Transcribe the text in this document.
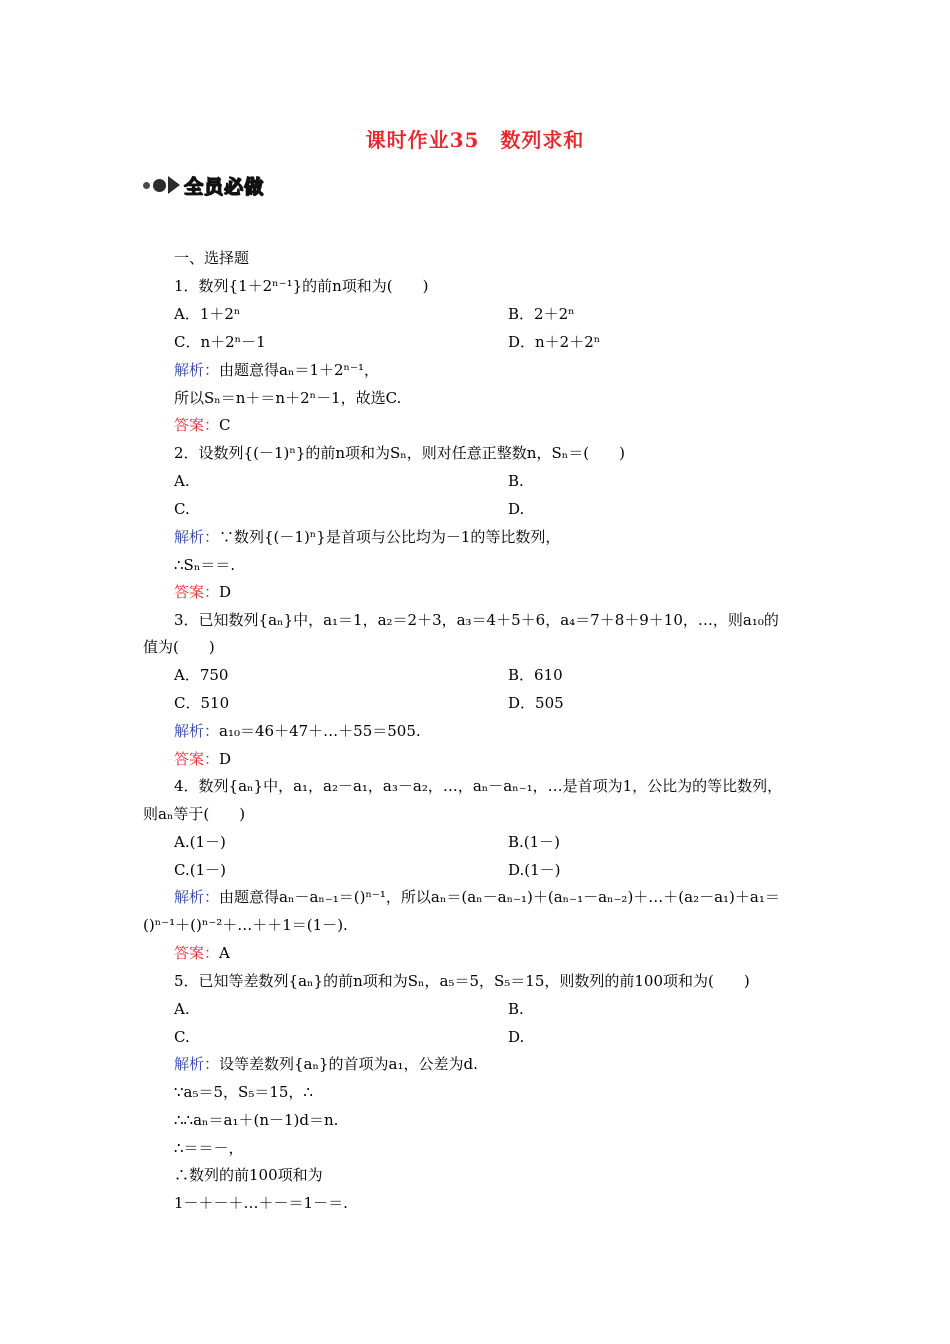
课时作业35　数列求和
全员必做
一、选择题
1．数列{1＋2ⁿ⁻¹}的前n项和为(　　)
A．1＋2ⁿ	B．2＋2ⁿ
C．n＋2ⁿ－1	D．n＋2＋2ⁿ
解析：由题意得aₙ＝1＋2ⁿ⁻¹，
所以Sₙ＝n＋＝n＋2ⁿ－1，故选C.
答案：C
2．设数列{(－1)ⁿ}的前n项和为Sₙ，则对任意正整数n，Sₙ＝(　　)
A.	B.
C.	D.
解析：∵数列{(－1)ⁿ}是首项与公比均为－1的等比数列，
∴Sₙ＝＝.
答案：D
3．已知数列{aₙ}中，a₁＝1，a₂＝2＋3，a₃＝4＋5＋6，a₄＝7＋8＋9＋10，…，则a₁₀的
值为(　　)
A．750	B．610
C．510	D．505
解析：a₁₀＝46＋47＋…＋55＝505.
答案：D
4．数列{aₙ}中，a₁，a₂－a₁，a₃－a₂，…，aₙ－aₙ₋₁，…是首项为1，公比为的等比数列，
则aₙ等于(　　)
A.(1－)	B.(1－)
C.(1－)	D.(1－)
解析：由题意得aₙ－aₙ₋₁＝()ⁿ⁻¹，所以aₙ＝(aₙ－aₙ₋₁)＋(aₙ₋₁－aₙ₋₂)＋…＋(a₂－a₁)＋a₁＝
()ⁿ⁻¹＋()ⁿ⁻²＋…＋＋1＝(1－).
答案：A
5．已知等差数列{aₙ}的前n项和为Sₙ，a₅＝5，S₅＝15，则数列的前100项和为(　　)
A.	B.
C.	D.
解析：设等差数列{aₙ}的首项为a₁，公差为d.
∵a₅＝5，S₅＝15，∴
∴∴aₙ＝a₁＋(n－1)d＝n.
∴＝＝－，
∴数列的前100项和为
1－＋－＋…＋－＝1－＝.
